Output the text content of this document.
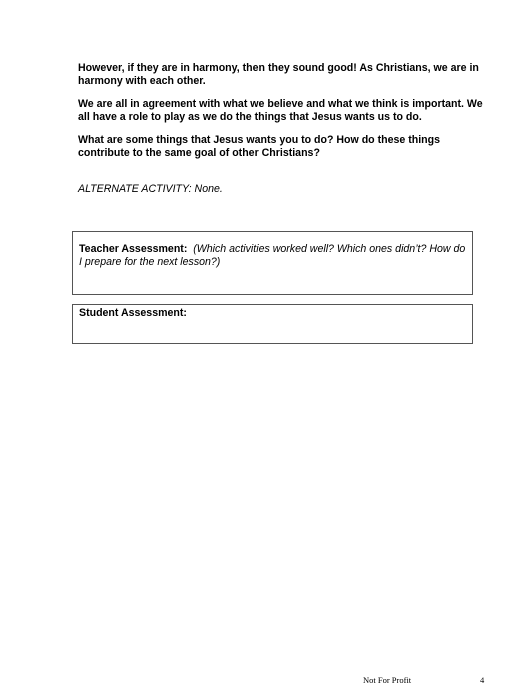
However, if they are in harmony, then they sound good! As Christians, we are in harmony with each other.

We are all in agreement with what we believe and what we think is important. We all have a role to play as we do the things that Jesus wants us to do.

What are some things that Jesus wants you to do? How do these things contribute to the same goal of other Christians?

ALTERNATE ACTIVITY: None.

Teacher Assessment: (Which activities worked well? Which ones didn’t? How do I prepare for the next lesson?)
Student Assessment:
Not For Profit	4
